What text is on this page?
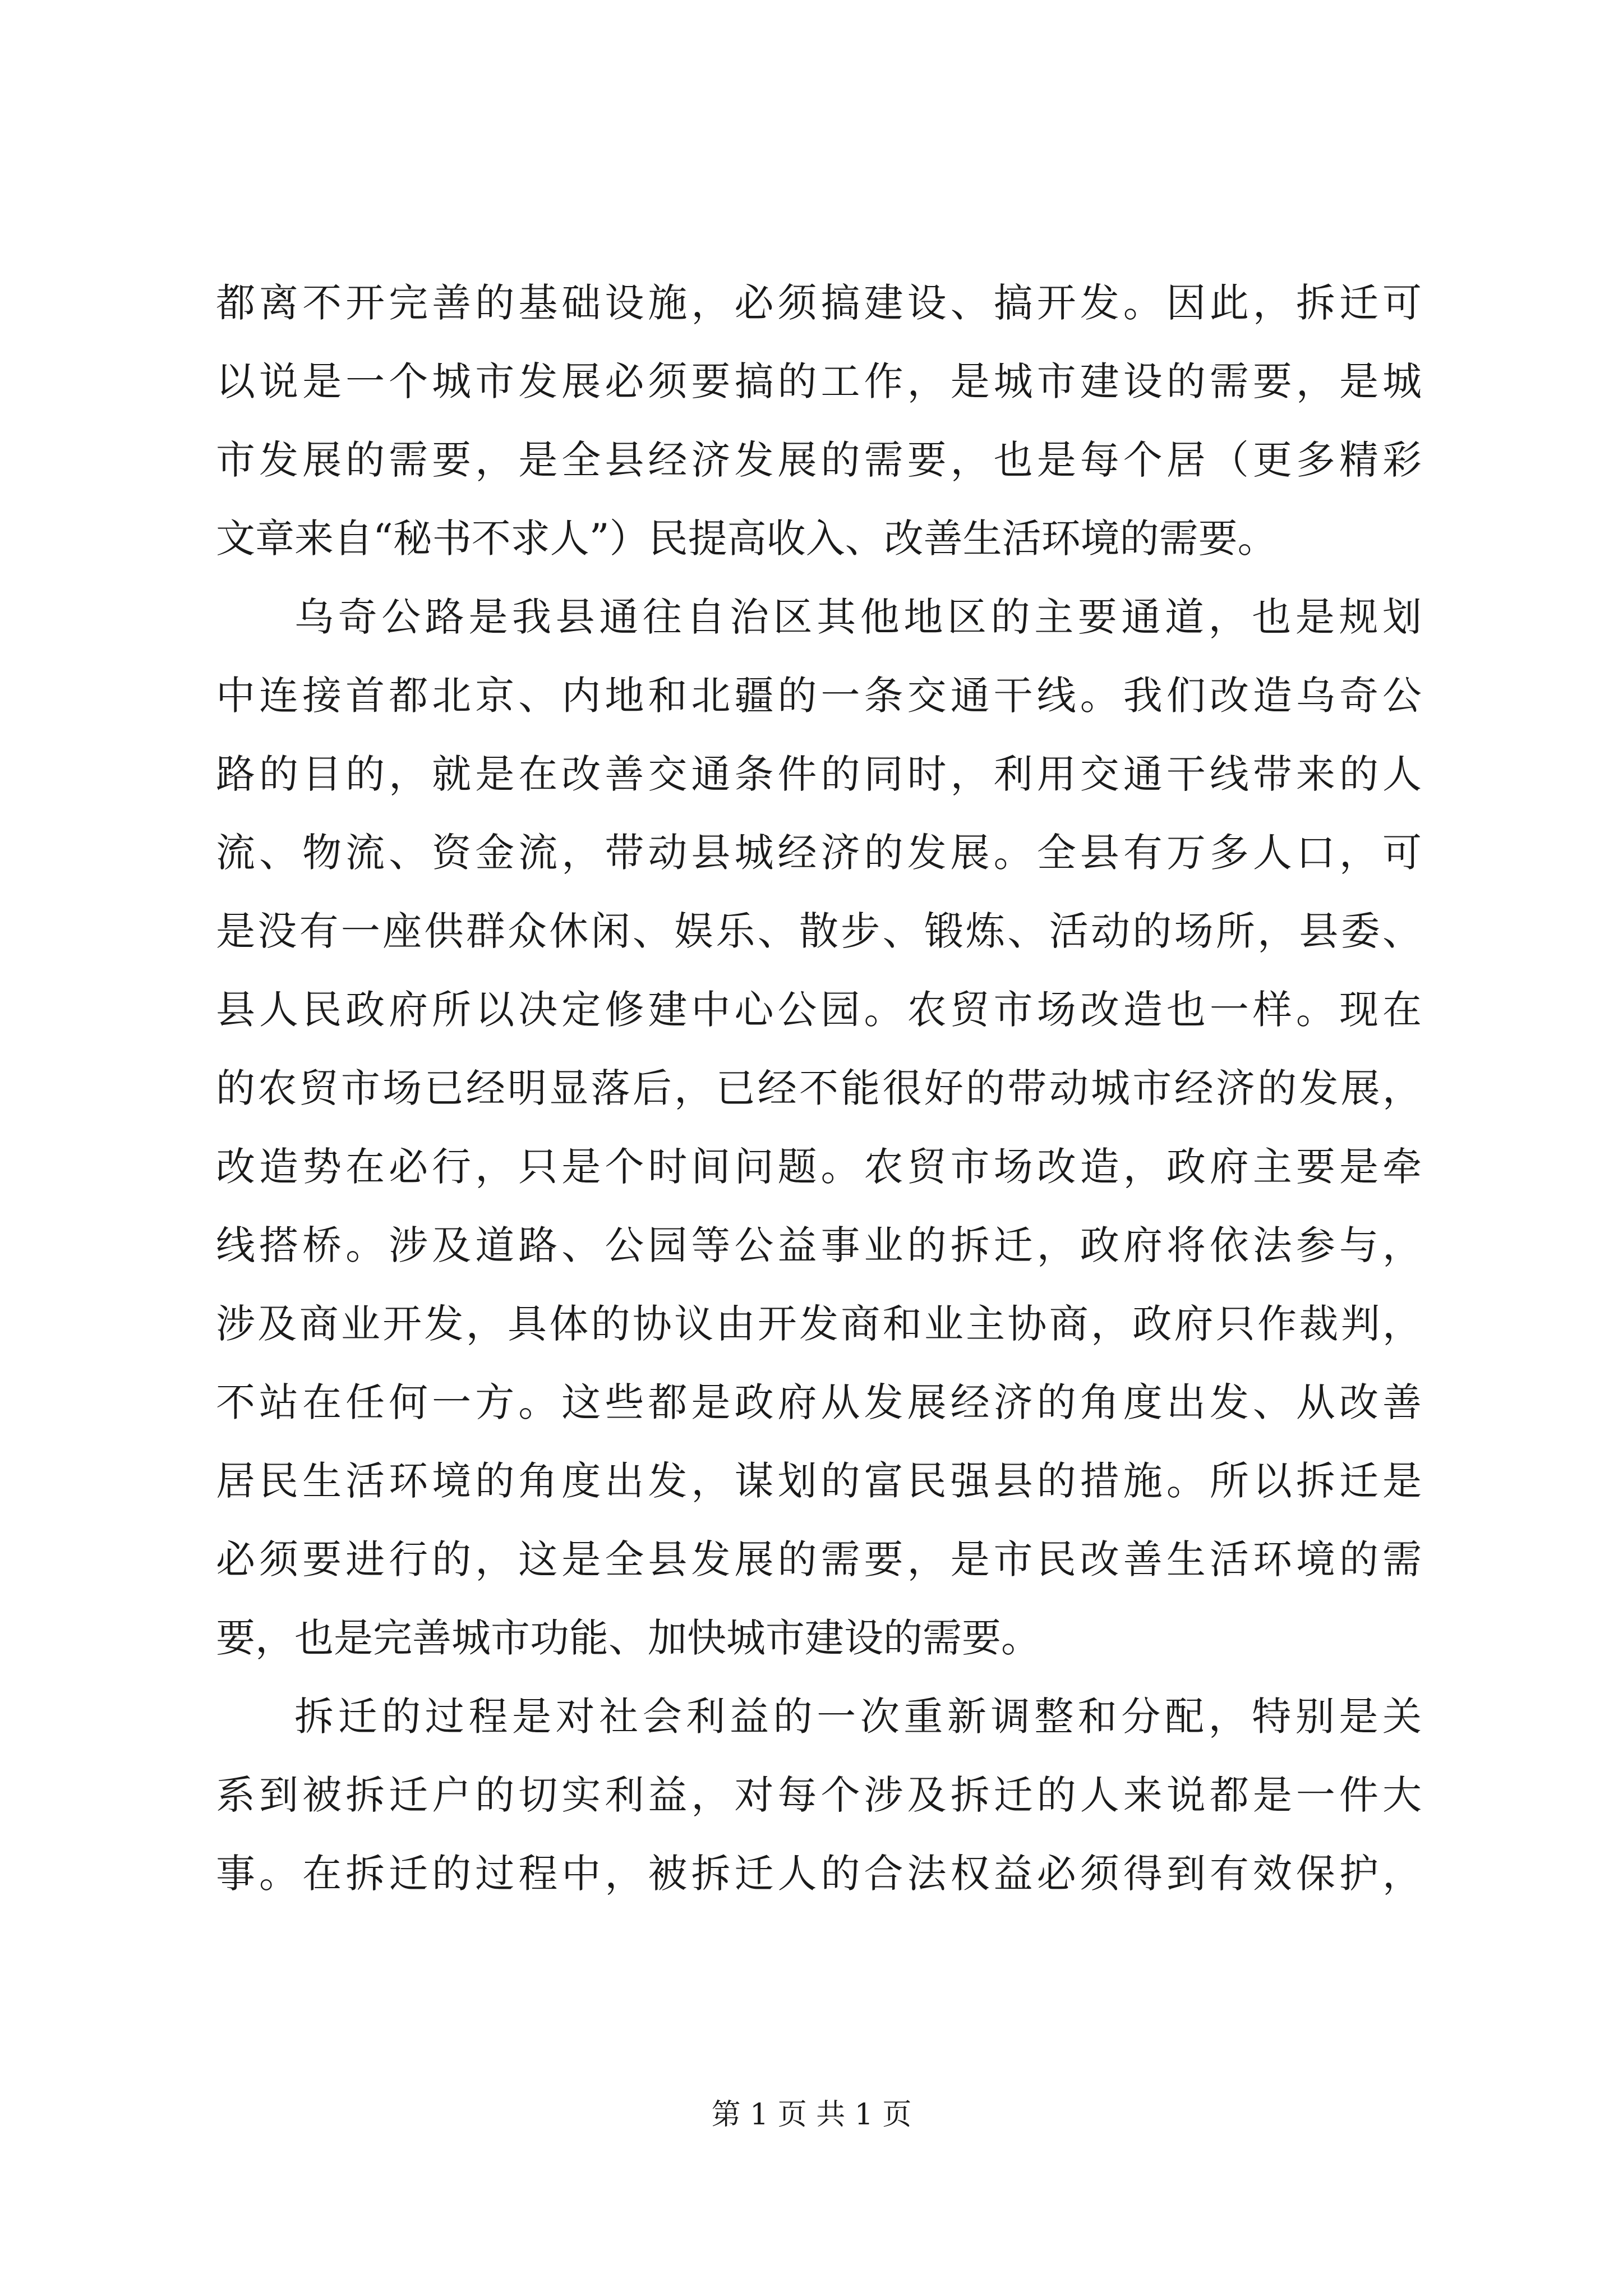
都离不开完善的基础设施，必须搞建设、搞开发。因此，拆迁可
以说是一个城市发展必须要搞的工作，是城市建设的需要，是城
市发展的需要，是全县经济发展的需要，也是每个居（更多精彩
文章来自“秘书不求人”）民提高收入、改善生活环境的需要。
乌奇公路是我县通往自治区其他地区的主要通道，也是规划
中连接首都北京、内地和北疆的一条交通干线。我们改造乌奇公
路的目的，就是在改善交通条件的同时，利用交通干线带来的人
流、物流、资金流，带动县城经济的发展。全县有万多人口，可
是没有一座供群众休闲、娱乐、散步、锻炼、活动的场所，县委、
县人民政府所以决定修建中心公园。农贸市场改造也一样。现在
的农贸市场已经明显落后，已经不能很好的带动城市经济的发展，
改造势在必行，只是个时间问题。农贸市场改造，政府主要是牵
线搭桥。涉及道路、公园等公益事业的拆迁，政府将依法参与，
涉及商业开发，具体的协议由开发商和业主协商，政府只作裁判，
不站在任何一方。这些都是政府从发展经济的角度出发、从改善
居民生活环境的角度出发，谋划的富民强县的措施。所以拆迁是
必须要进行的，这是全县发展的需要，是市民改善生活环境的需
要，也是完善城市功能、加快城市建设的需要。
拆迁的过程是对社会利益的一次重新调整和分配，特别是关
系到被拆迁户的切实利益，对每个涉及拆迁的人来说都是一件大
事。在拆迁的过程中，被拆迁人的合法权益必须得到有效保护，
第 1 页 共 1 页
